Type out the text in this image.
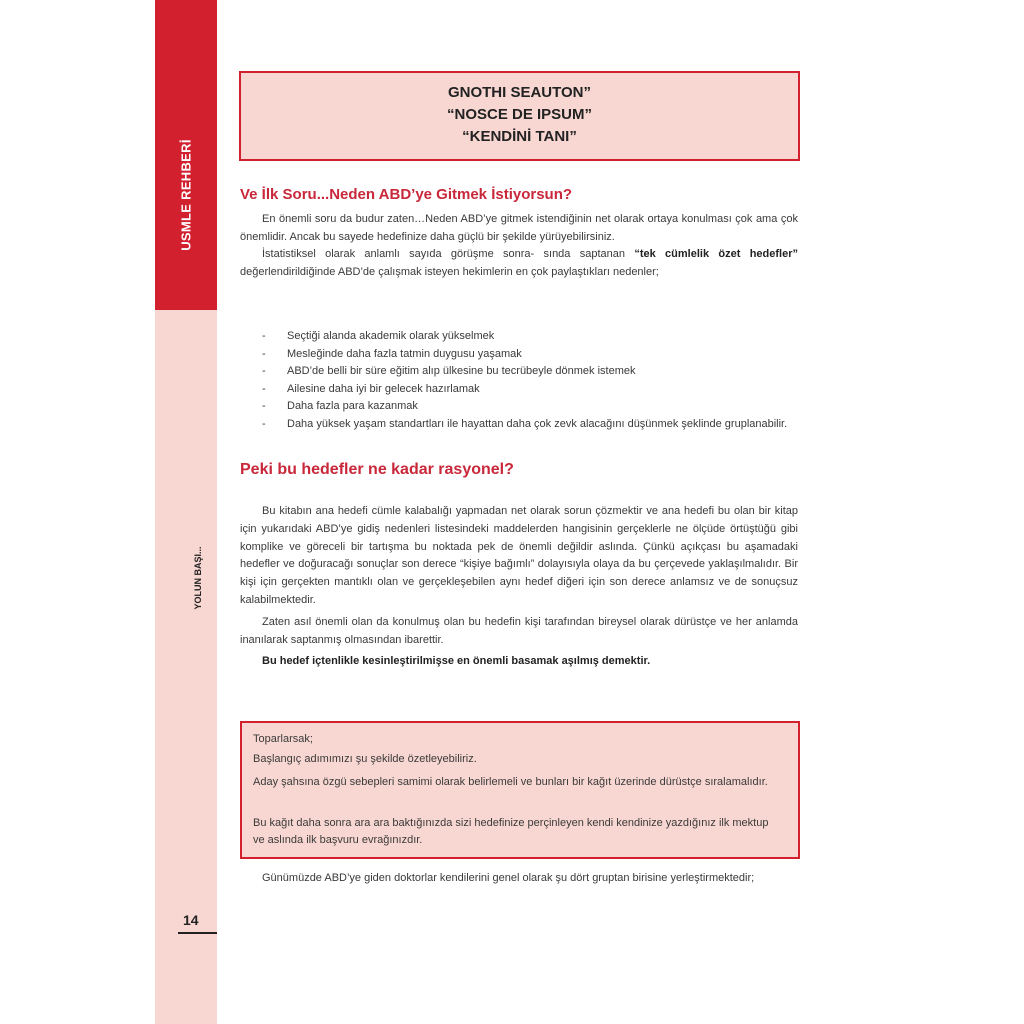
USMLE REHBERİ
YOLUN BAŞI...
14
GNOTHI SEAUTON”
“NOSCE DE IPSUM”
“KENDİNİ TANI”
Ve İlk Soru...Neden ABD’ye Gitmek İstiyorsun?

En önemli soru da budur zaten…Neden ABD’ye gitmek istendiğinin net olarak ortaya konulması çok ama çok önemlidir. Ancak bu sayede hedefinize daha güçlü bir şekilde yürüyebilirsiniz.

İstatistiksel olarak anlamlı sayıda görüşme sonra- sında saptanan “tek cümlelik özet hedefler” değerlendirildiğinde ABD’de çalışmak isteyen hekimlerin en çok paylaştıkları nedenler;

- Seçtiği alanda akademik olarak yükselmek
- Mesleğinde daha fazla tatmin duygusu yaşamak
- ABD’de belli bir süre eğitim alıp ülkesine bu tecrübeyle dönmek istemek
- Ailesine daha iyi bir gelecek hazırlamak
- Daha fazla para kazanmak
- Daha yüksek yaşam standartları ile hayattan daha çok zevk alacağını düşünmek şeklinde gruplanabilir.
Peki bu hedefler ne kadar rasyonel?

Bu kitabın ana hedefi cümle kalabalığı yapmadan net olarak sorun çözmektir ve ana hedefi bu olan bir kitap için yukarıdaki ABD’ye gidiş nedenleri listesindeki maddelerden hangisinin gerçeklerle ne ölçüde örtüştüğü gibi komplike ve göreceli bir tartışma bu noktada pek de önemli değildir aslında. Çünkü açıkçası bu aşamadaki hedefler ve doğuracağı sonuçlar son derece “kişiye bağımlı” dolayısıyla olaya da bu çerçevede yaklaşılmalıdır. Bir kişi için gerçekten mantıklı olan ve gerçekleşebilen aynı hedef diğeri için son derece anlamsız ve de sonuçsuz kalabilmektedir.

Zaten asıl önemli olan da konulmuş olan bu hedefin kişi tarafından bireysel olarak dürüstçe ve her anlamda inanılarak saptanmış olmasından ibarettir.

Bu hedef içtenlikle kesinleştirilmişse en önemli basamak aşılmış demektir.

Toparlarsak;
Başlangıç adımımızı şu şekilde özetleyebiliriz.
Aday şahsına özgü sebepleri samimi olarak belirlemeli ve bunları bir kağıt üzerinde dürüstçe sıralamalıdır.
Bu kağıt daha sonra ara ara baktığınızda sizi hedefinize perçinleyen kendi kendinize yazdığınız ilk mektup ve aslında ilk başvuru evrağınızdır.

Günümüzde ABD’ye giden doktorlar kendilerini genel olarak şu dört gruptan birisine yerleştirmektedir;
